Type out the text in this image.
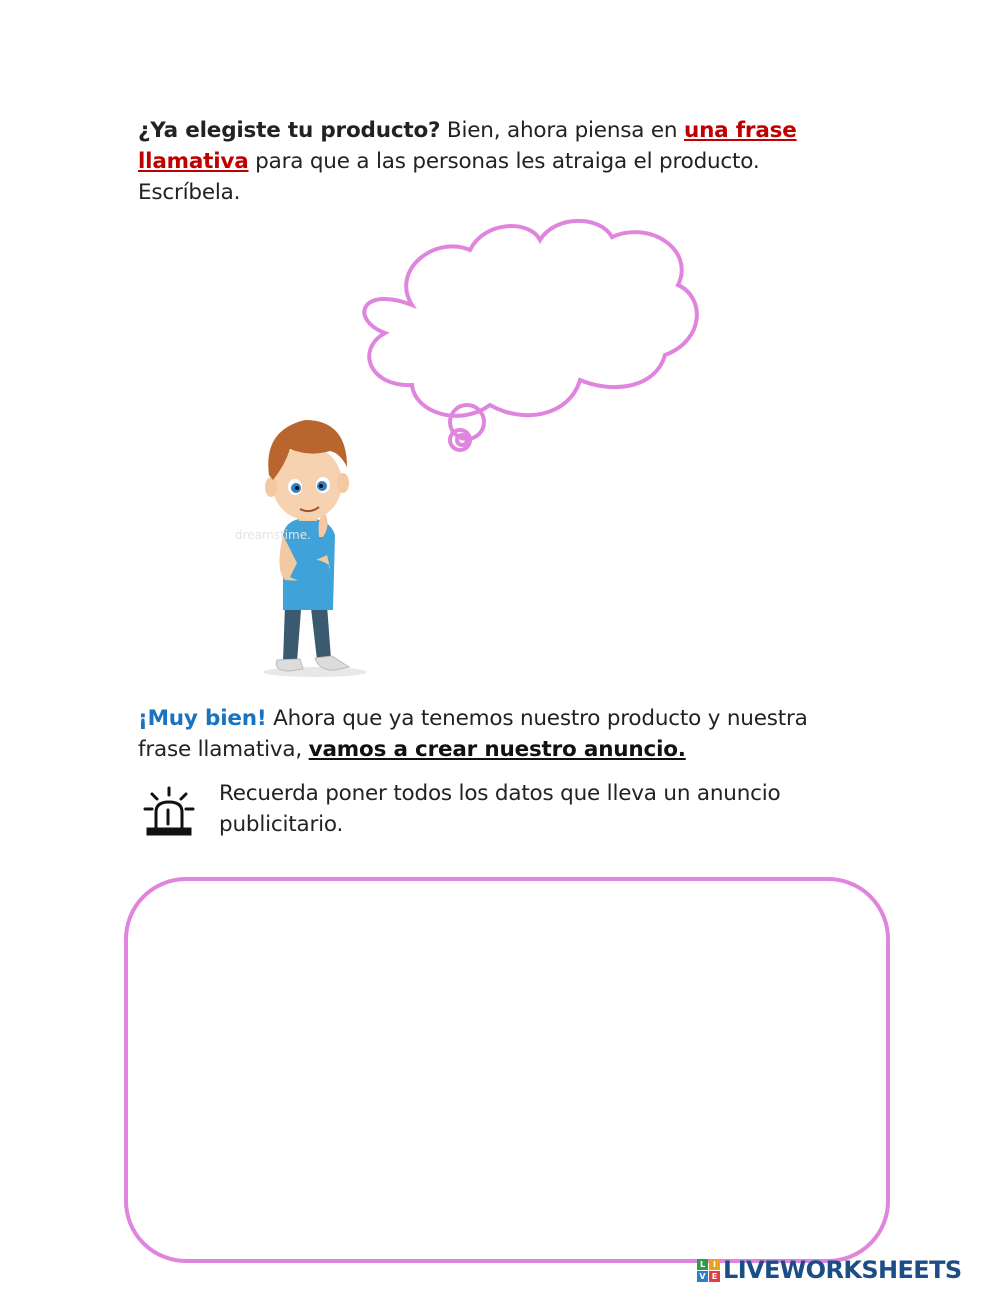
¿Ya elegiste tu producto? Bien, ahora piensa en una frase llamativa para que a las personas les atraiga el producto. Escríbela.
dreamstime.
¡Muy bien! Ahora que ya tenemos nuestro producto y nuestra frase llamativa, vamos a crear nuestro anuncio.
Recuerda poner todos los datos que lleva un anuncio publicitario.
L I
V E LIVEWORKSHEETS
